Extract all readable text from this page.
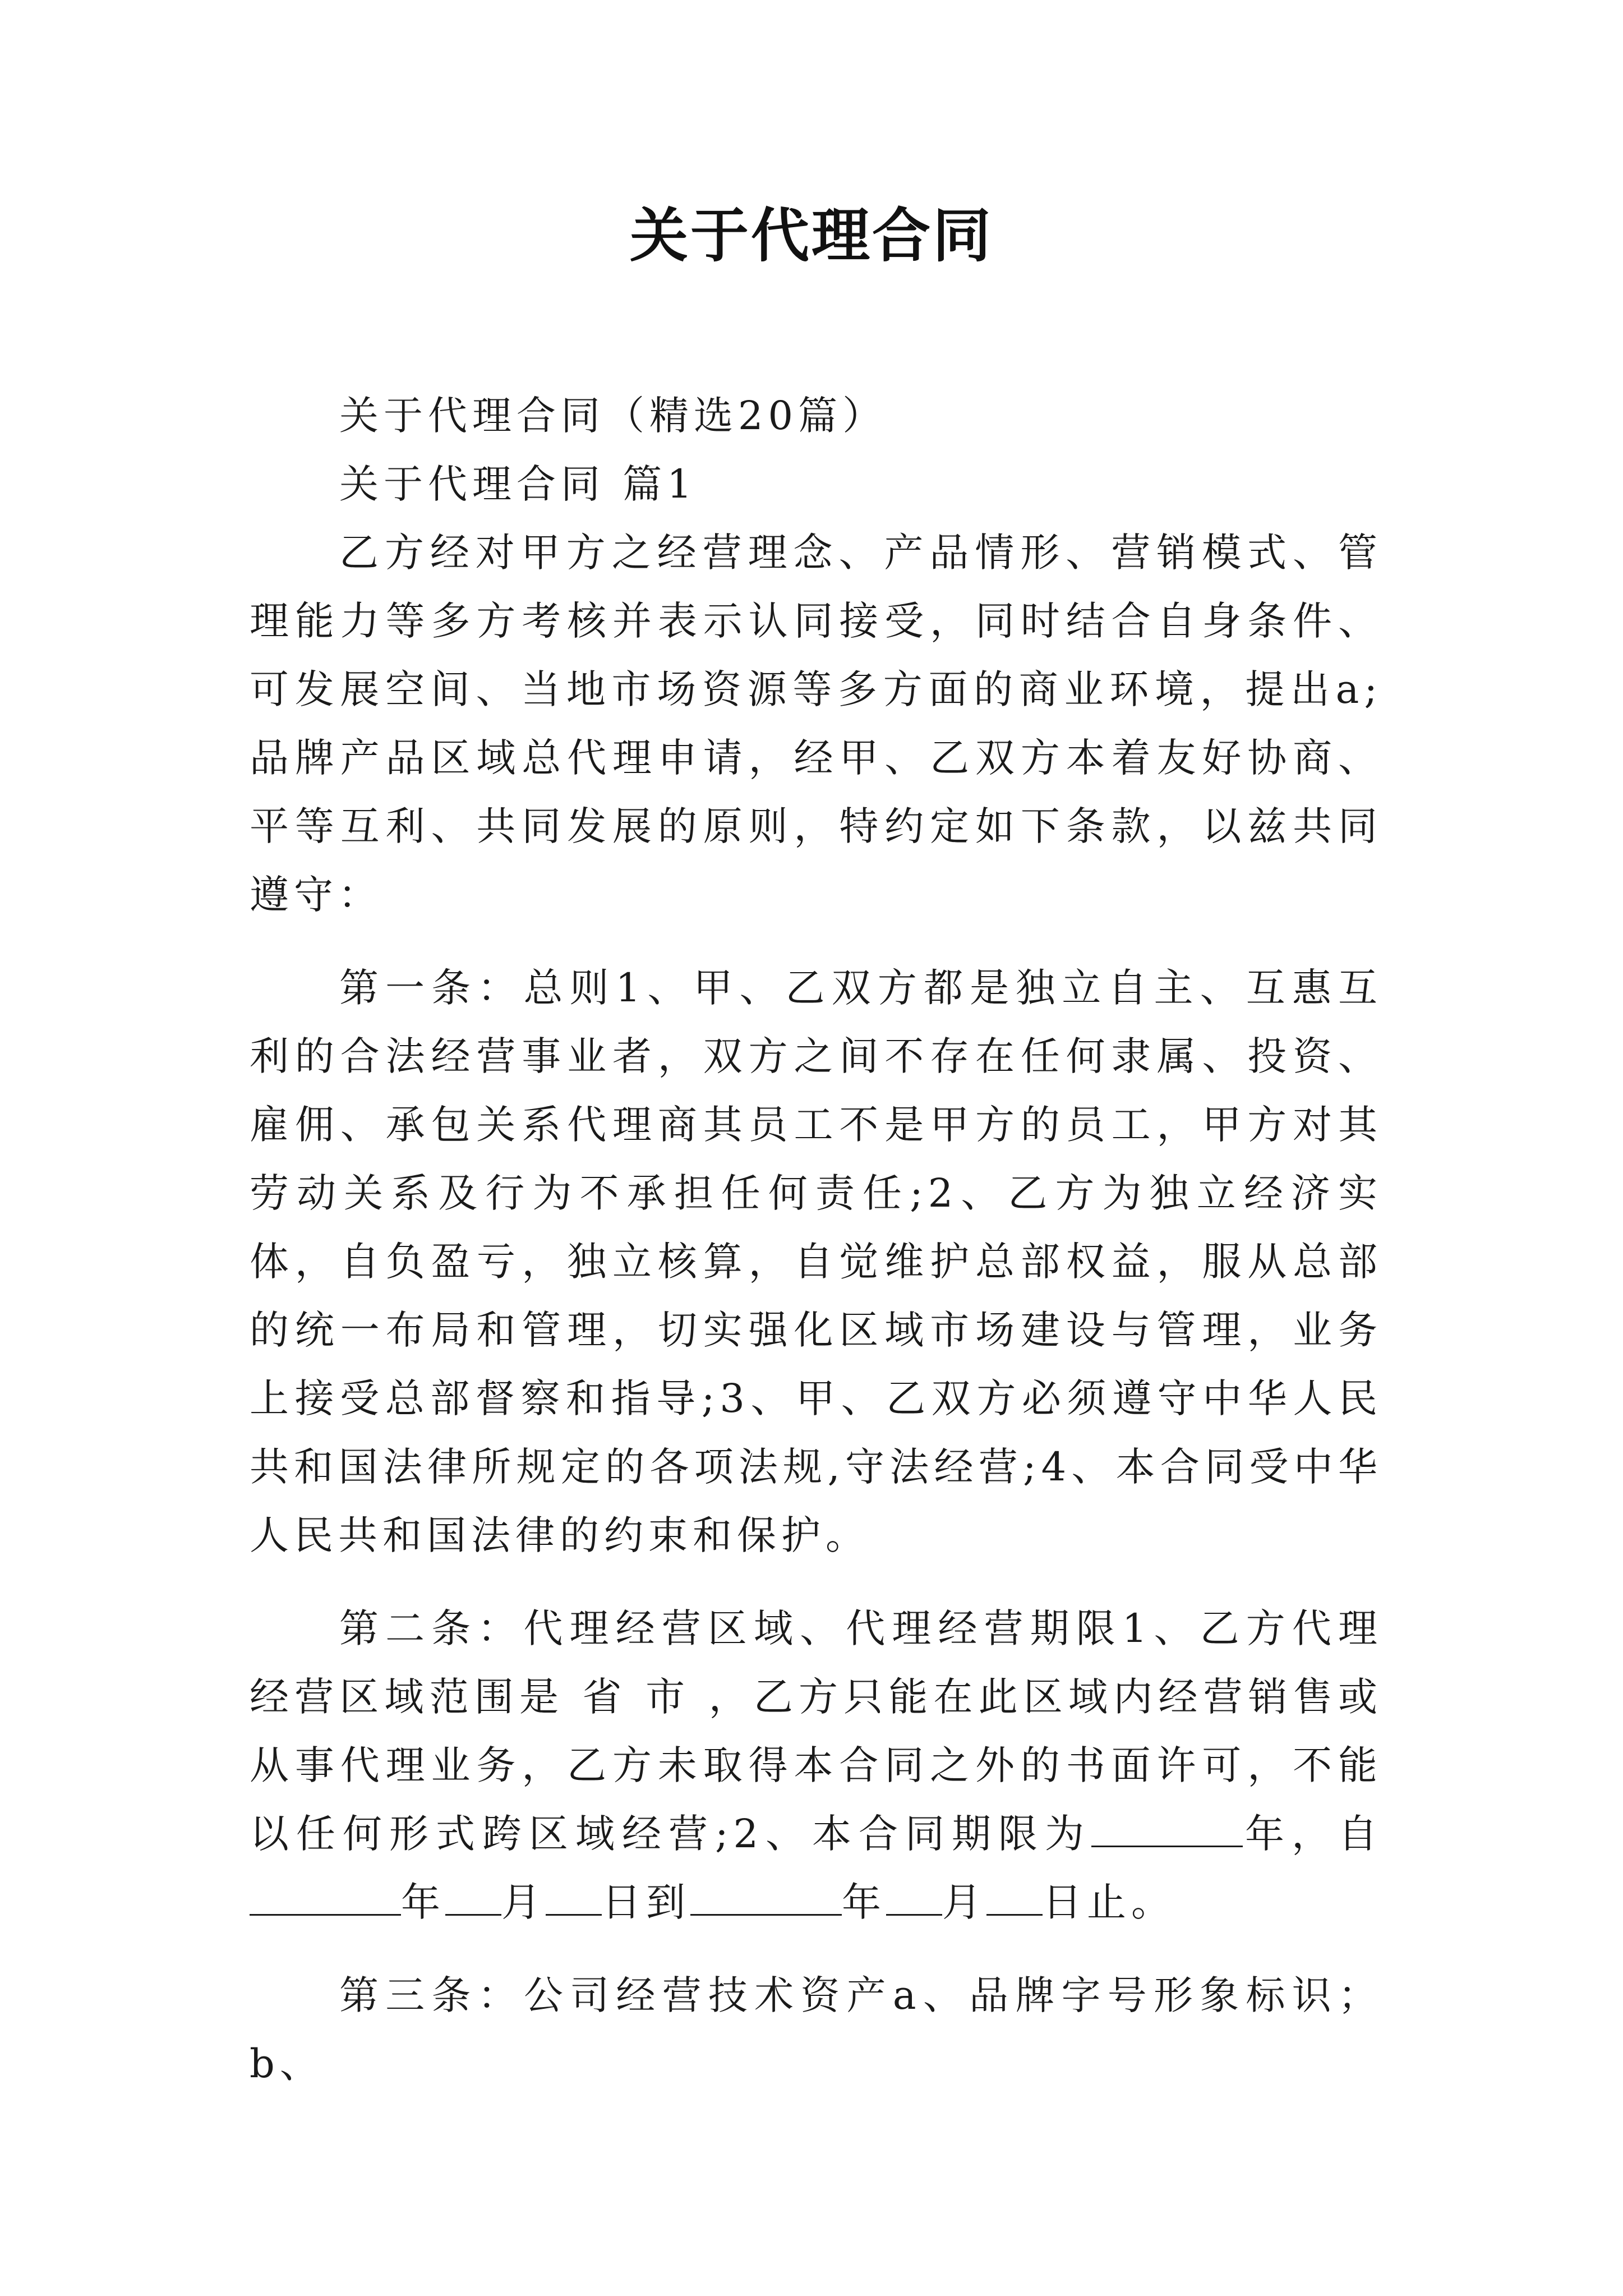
关于代理合同

关于代理合同（精选20篇）

关于代理合同 篇1

乙方经对甲方之经营理念、产品情形、营销模式、管理能力等多方考核并表示认同接受，同时结合自身条件、可发展空间、当地市场资源等多方面的商业环境，提出a;品牌产品区域总代理申请，经甲、乙双方本着友好协商、平等互利、共同发展的原则，特约定如下条款，以兹共同遵守：

第一条：总则1、甲、乙双方都是独立自主、互惠互利的合法经营事业者，双方之间不存在任何隶属、投资、雇佣、承包关系代理商其员工不是甲方的员工，甲方对其劳动关系及行为不承担任何责任;2、乙方为独立经济实体，自负盈亏，独立核算，自觉维护总部权益，服从总部的统一布局和管理，切实强化区域市场建设与管理，业务上接受总部督察和指导;3、甲、乙双方必须遵守中华人民共和国法律所规定的各项法规,守法经营;4、本合同受中华人民共和国法律的约束和保护。

第二条：代理经营区域、代理经营期限1、乙方代理经营区域范围是 省 市 ，乙方只能在此区域内经营销售或从事代理业务，乙方未取得本合同之外的书面许可，不能以任何形式跨区域经营;2、本合同期限为	年，自年 月 日到	年 月 日止。

第三条：公司经营技术资产a、品牌字号形象标识；b、
